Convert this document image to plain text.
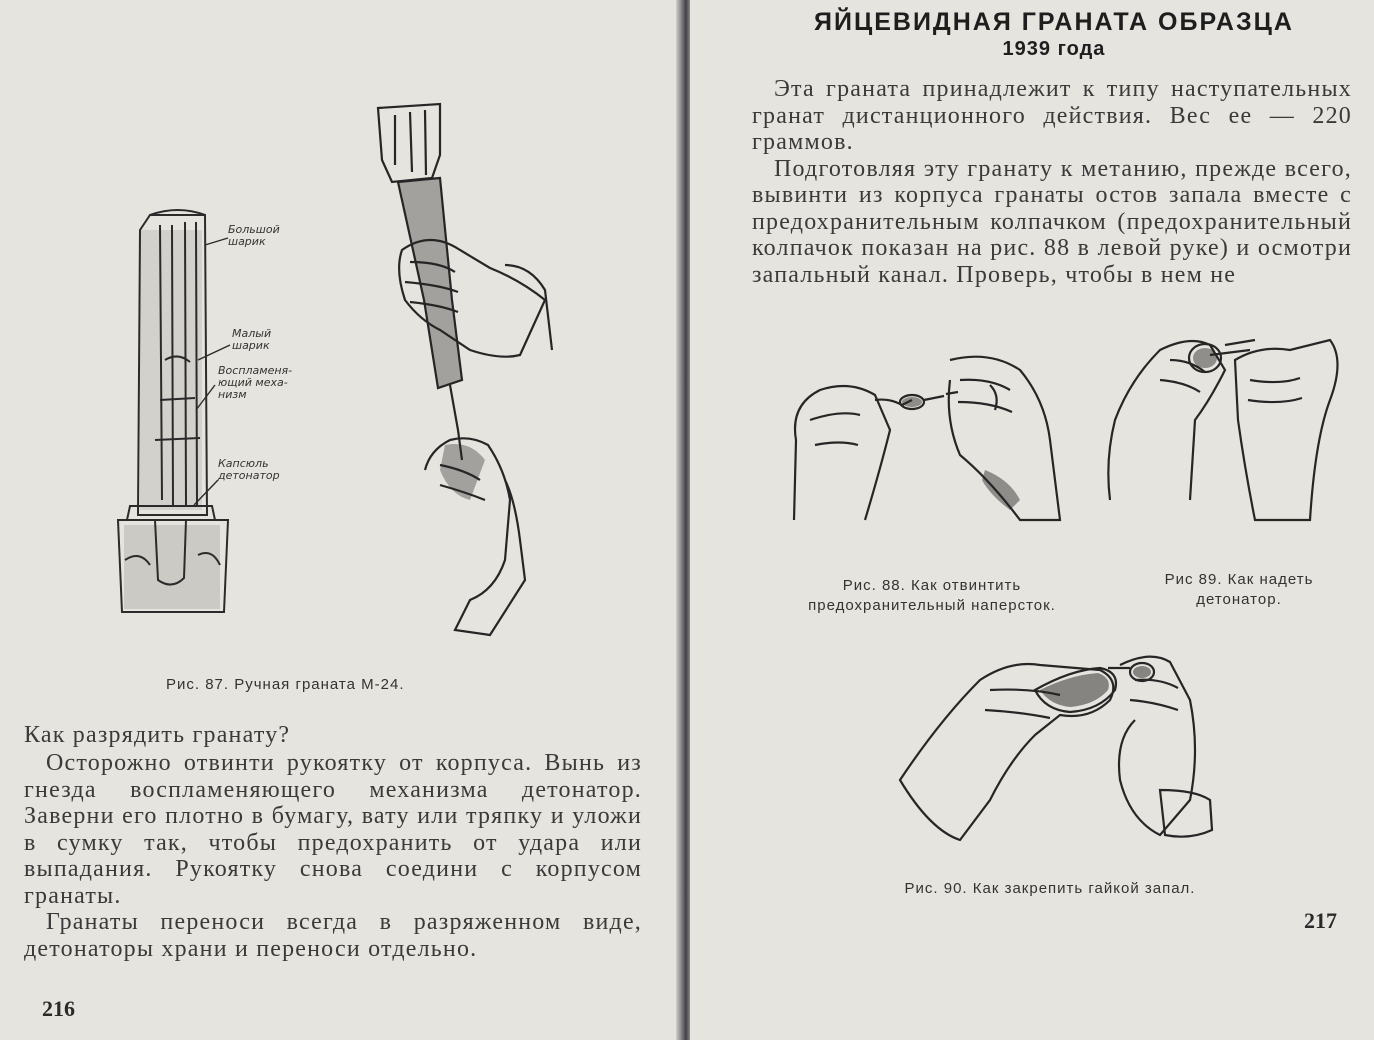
Большой шарик
Малый шарик
Воспламеня-ющий меха-низм
Капсюль детонатор
Рис. 87. Ручная граната М-24.
Как разрядить гранату?

Осторожно отвинти рукоятку от корпуса. Вынь из гнезда воспламеняющего механизма детонатор. Заверни его плотно в бумагу, вату или тряпку и уложи в сумку так, чтобы предохранить от удара или выпадания. Рукоятку снова соедини с корпусом гранаты.

Гранаты переноси всегда в разряженном виде, детонаторы храни и переноси отдельно.

216
ЯЙЦЕВИДНАЯ ГРАНАТА ОБРАЗЦА
1939 года

Эта граната принадлежит к типу наступательных гранат дистанционного действия. Вес ее — 220 граммов.

Подготовляя эту гранату к метанию, прежде всего, вывинти из корпуса гранаты остов запала вместе с предохранительным колпачком (предохранительный колпачок показан на рис. 88 в левой руке) и осмотри запальный канал. Проверь, чтобы в нем не

Рис. 88. Как отвинтить предохранительный наперсток.
Рис 89. Как надеть детонатор.
Рис. 90. Как закрепить гайкой запал.
217
